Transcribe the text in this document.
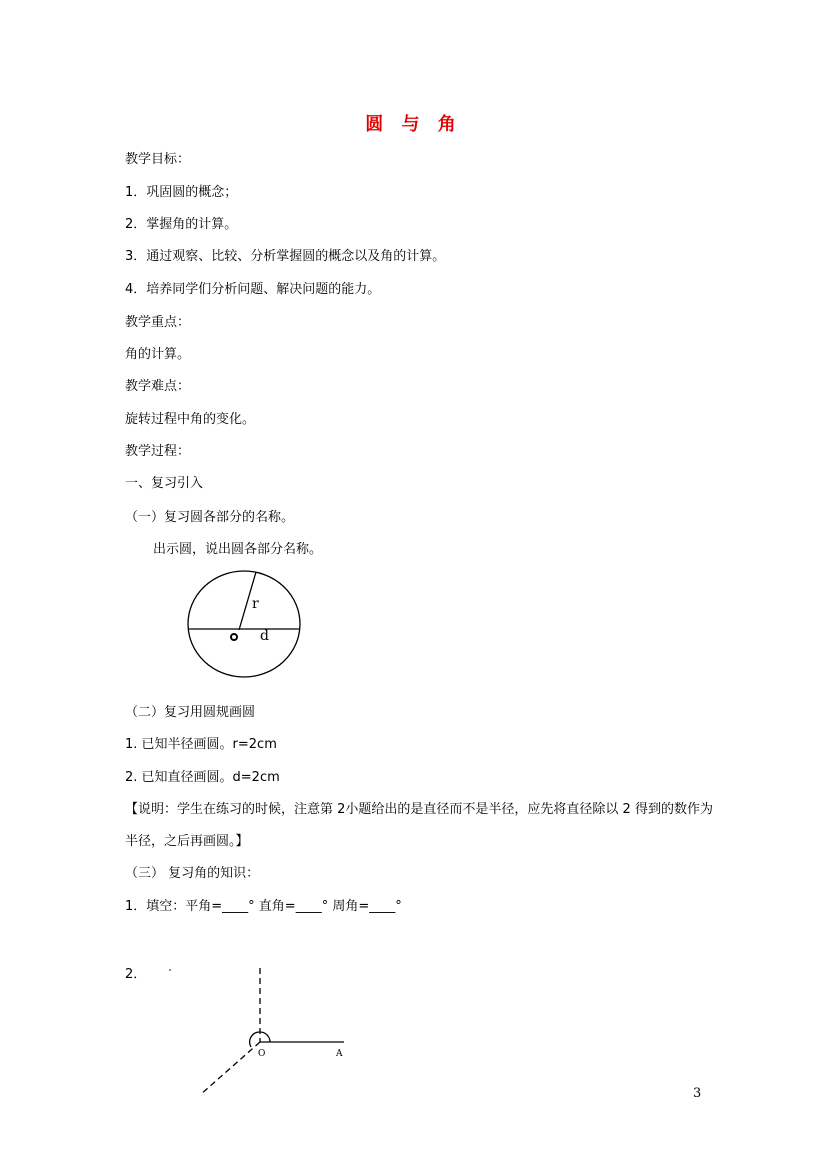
圆 与 角
教学目标：
1．巩固圆的概念；
2．掌握角的计算。
3．通过观察、比较、分析掌握圆的概念以及角的计算。
4．培养同学们分析问题、解决问题的能力。
教学重点：
角的计算。
教学难点：
旋转过程中角的变化。
教学过程：
一、复习引入
（一）复习圆各部分的名称。
出示圆，说出圆各部分名称。
r
d
（二）复习用圆规画圆
1. 已知半径画圆。r=2cm
2. 已知直径画圆。d=2cm
【说明：学生在练习的时候，注意第 2小题给出的是直径而不是半径，应先将直径除以 2 得到的数作为半径，之后再画圆。】
（三） 复习角的知识：
1．填空：平角=____° 直角=____° 周角=____°
2．
O	A
3
